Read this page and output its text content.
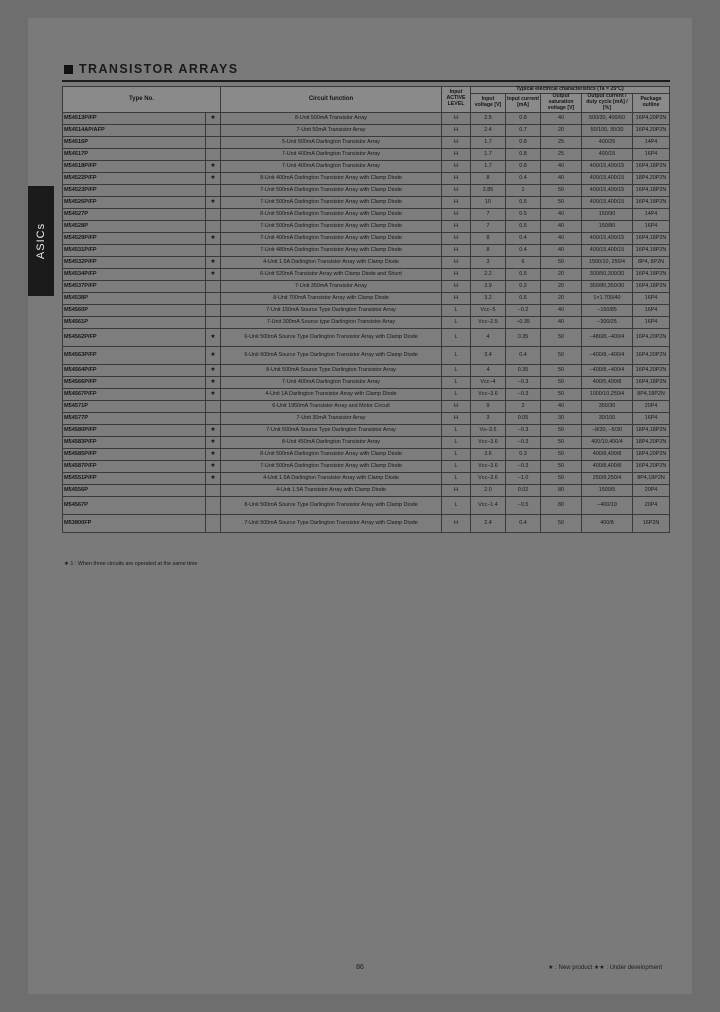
ASICs
TRANSISTOR ARRAYS
Type No.		Circuit function	Input ACTIVE LEVEL	Typical electrical characteristics (Ta = 25°C)				
				Input voltage [V]	Input current [mA]	Output saturation voltage [V]	Output current / duty cycle [mA] / [%]	Package outline
M54513P/FP	★	8-Unit 500mA Transistor Array	H	2.5	0.8	40	500/30, 400/60	16P4,20P2N
M54514AP/AFP		7-Unit 50mA Transistor Array	H	2.4	0.7	20	50/100, 30/30	16P4,20P2N
M54516P		5-Unit 500mA Darlington Transistor Array	H	1.7	0.8	25	400/25	14P4
M54517P		7-Unit 400mA Darlington Transistor Array	H	1.7	0.8	25	400/15	16P4
M54518P/FP	★	7-Unit 400mA Darlington Transistor Array	H	1.7	0.8	40	400/15,400/15	16P4,18P2N
M54522P/FP	★	8-Unit 400mA Darlington Transistor Array with Clamp Diode	H	8	0.4	40	400/15,400/15	18P4,20P2N
M54523P/FP		7-Unit 500mA Darlington Transistor Array with Clamp Diode	H	2.85	1	50	400/15,400/15	16P4,18P2N
M54526P/FP	★	7-Unit 500mA Darlington Transistor Array with Clamp Diode	H	10	0.5	50	400/15,400/15	16P4,18P2N
M54527P		8-Unit 500mA Darlington Transistor Array with Clamp Diode	H	7	0.5	40	150/90	14P4
M54528P		7-Unit 500mA Darlington Transistor Array with Clamp Diode	H	7	0.5	40	150/80	16P4
M54529P/FP	★	7-Unit 400mA Darlington Transistor Array with Clamp Diode	H	8	0.4	40	400/15,400/15	16P4,18P2N
M54531P/FP		7-Unit 480mA Darlington Transistor Array with Clamp Diode	H	8	0.4	40	400/15,400/15	16P4,18P2N
M54532P/FP	★	4-Unit 1.5A Darlington Transistor Array with Clamp Diode	H	3	6	50	1500/10, 250/4	8P4, 8P2N
M54534P/FP	★	6-Unit 520mA Transistor Array with Clamp Diode and Shunt	H	2.2	0.5	20	300/50,300/30	16P4,18P2N
M54537P/FP		7-Unit 350mA Transistor Array	H	3.9	0.2	20	350/80,350/30	16P4,18P2N
M54538P		8-Unit 700mA Transistor Array with Clamp Diode	H	3.2	0.6	20	1×1 700/40	16P4
M54560P		7-Unit 150mA Source Type Darlington Transistor Array	L	Vcc−5	−0.2	40	−150/85	16P4
M54561P		7-Unit 300mA Source type Darlington Transistor Array	L	Vcc−2.5	−0.35	40	−300/25	16P4
M54562P/FP	★	6-Unit 500mA Source Type Darlington Transistor Array with Clamp Diode	L	4	0.35	50	−480/8,−400/4	16P4,20P2N
M54563P/FP	★	6-Unit 600mA Source Type Darlington Transistor Array with Clamp Diode	L	3.4	0.4	50	−400/8,−400/4	16P4,20P2N
M54564P/FP	★	8-Unit 500mA Source Type Darlington Transistor Array	L	4	0.35	50	−400/8,−400/4	16P4,20P2N
M54566P/FP	★	7-Unit 400mA Darlington Transistor Array	L	Vcc−4	−0.3	50	400/5,400/8	16P4,18P2N
M54567P/FP	★	4-Unit 1A Darlington Transistor Array with Clamp Diode	L	Vcc−3.6	−0.3	50	1000/10,250/4	8P4,18P2N
M54571P		6-Unit 1950mA Transistor Array and Motor Circuit	H	9	2	40	350/30	20P4
M54577P		7-Unit 30mA Transistor Array	H	3	0.05	30	30/100	16P4
M54580P/FP	★	7-Unit 500mA Source Type Darlington Transistor Array	L	Vs−3.5	−0.3	50	−8/30, −5/30	18P4,18P2N
M54583P/FP	★	8-Unit 450mA Darlington Transistor Array	L	Vcc−3.6	−0.3	50	400/10,400/4	18P4,20P2N
M54585P/FP	★	8-Unit 500mA Darlington Transistor Array with Clamp Diode	L	3.6	0.3	50	400/8,400/8	18P4,20P2N
M54587P/FP	★	7-Unit 500mA Darlington Transistor Array with Clamp Diode	L	Vcc−3.6	−0.3	50	400/8,400/8	16P4,20P2N
M54551P/FP	★	4-Unit 1.5A Darlington Transistor Array with Clamp Diode	L	Vcc−3.6	−1.0	50	250/8,250/4	8P4,18P2N
M54556P		4-Unit 1.5A Transistor Array with Clamp Diode	H	2.0	0.02	80	1500/5	20P4
M54567P		8-Unit 500mA Source Type Darlington Transistor Array with Clamp Diode	L	Vcc−1.4	−0.5	80	−400/10	20P4
M53800FP		7-Unit 500mA Source Type Darlington Transistor Array with Clamp Diode	H	2.4	0.4	50	400/8	16P2N
★ 1 : When three circuits are operated at the same time
86	★ : New product ★★ : Under development
